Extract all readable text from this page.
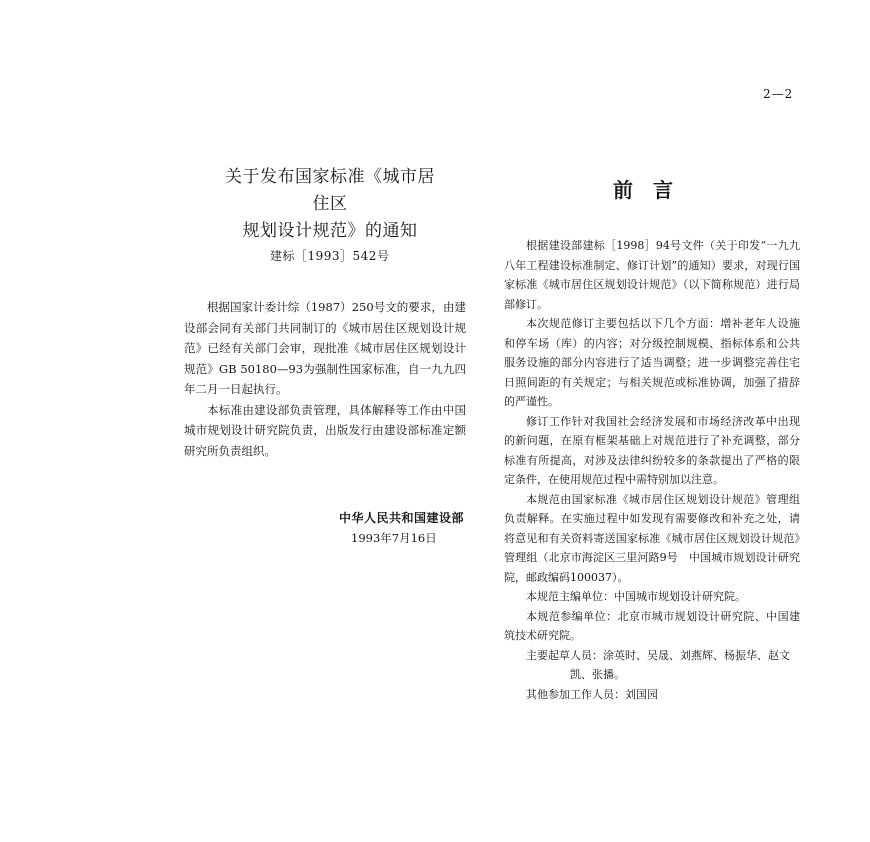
2—2
关于发布国家标准《城市居住区
规划设计规范》的通知
建标［1993］542号

根据国家计委计综（1987）250号文的要求，由建设部会同有关部门共同制订的《城市居住区规划设计规范》已经有关部门会审，现批准《城市居住区规划设计规范》GB 50180—93为强制性国家标准，自一九九四年二月一日起执行。

本标准由建设部负责管理，具体解释等工作由中国城市规划设计研究院负责，出版发行由建设部标准定额研究所负责组织。

中华人民共和国建设部
1993年7月16日
前　言

根据建设部建标［1998］94号文件（关于印发“一九九八年工程建设标准制定、修订计划”的通知）要求，对现行国家标准《城市居住区规划设计规范》（以下简称规范）进行局部修订。

本次规范修订主要包括以下几个方面：增补老年人设施和停车场（库）的内容；对分级控制规模、指标体系和公共服务设施的部分内容进行了适当调整；进一步调整完善住宅日照间距的有关规定；与相关规范或标准协调，加强了措辞的严谨性。

修订工作针对我国社会经济发展和市场经济改革中出现的新问题，在原有框架基础上对规范进行了补充调整，部分标准有所提高，对涉及法律纠纷较多的条款提出了严格的限定条件，在使用规范过程中需特别加以注意。

本规范由国家标准《城市居住区规划设计规范》管理组负责解释。在实施过程中如发现有需要修改和补充之处，请将意见和有关资料寄送国家标准《城市居住区规划设计规范》管理组（北京市海淀区三里河路9号　中国城市规划设计研究院，邮政编码100037）。

本规范主编单位：中国城市规划设计研究院。

本规范参编单位：北京市城市规划设计研究院、中国建筑技术研究院。

主要起草人员：涂英时、吴晟、刘燕辉、杨振华、赵文

凯、张播。

其他参加工作人员：刘国园
